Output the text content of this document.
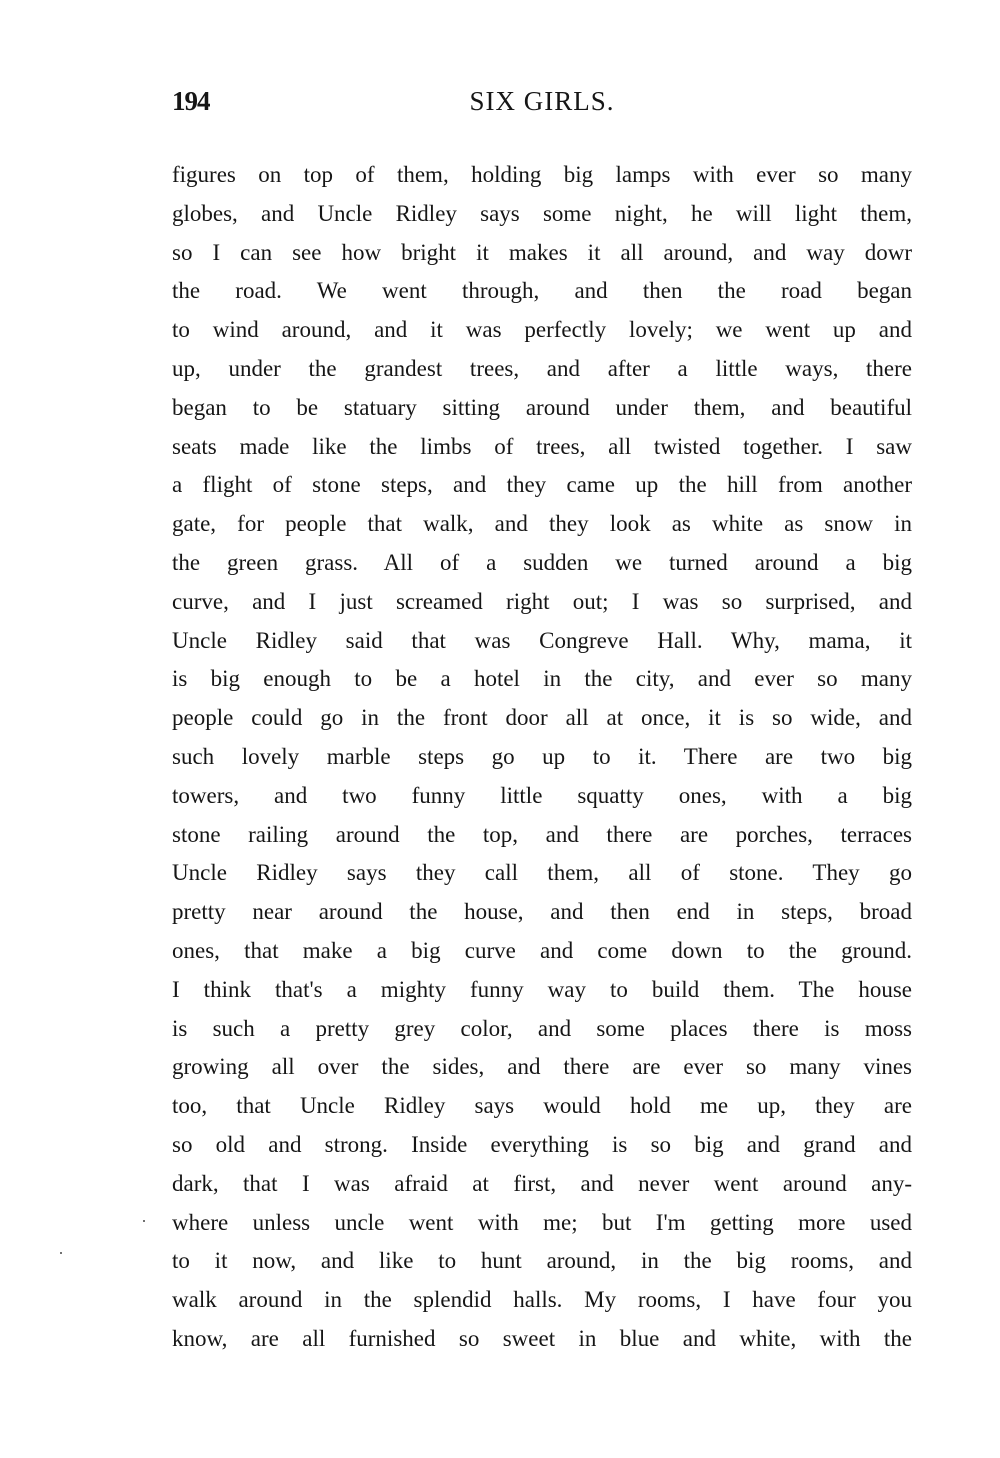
194	SIX GIRLS.
figures on top of them, holding big lamps with ever so many
globes, and Uncle Ridley says some night, he will light them,
so I can see how bright it makes it all around, and way dowr
the road. We went through, and then the road began
to wind around, and it was perfectly lovely; we went up and
up, under the grandest trees, and after a little ways, there
began to be statuary sitting around under them, and beautiful
seats made like the limbs of trees, all twisted together. I saw
a flight of stone steps, and they came up the hill from another
gate, for people that walk, and they look as white as snow in
the green grass. All of a sudden we turned around a big
curve, and I just screamed right out; I was so surprised, and
Uncle Ridley said that was Congreve Hall. Why, mama, it
is big enough to be a hotel in the city, and ever so many
people could go in the front door all at once, it is so wide, and
such lovely marble steps go up to it. There are two big
towers, and two funny little squatty ones, with a big
stone railing around the top, and there are porches, terraces
Uncle Ridley says they call them, all of stone. They go
pretty near around the house, and then end in steps, broad
ones, that make a big curve and come down to the ground.
I think that's a mighty funny way to build them. The house
is such a pretty grey color, and some places there is moss
growing all over the sides, and there are ever so many vines
too, that Uncle Ridley says would hold me up, they are
so old and strong. Inside everything is so big and grand and
dark, that I was afraid at first, and never went around any-
where unless uncle went with me; but I'm getting more used
to it now, and like to hunt around, in the big rooms, and
walk around in the splendid halls. My rooms, I have four you
know, are all furnished so sweet in blue and white, with the
